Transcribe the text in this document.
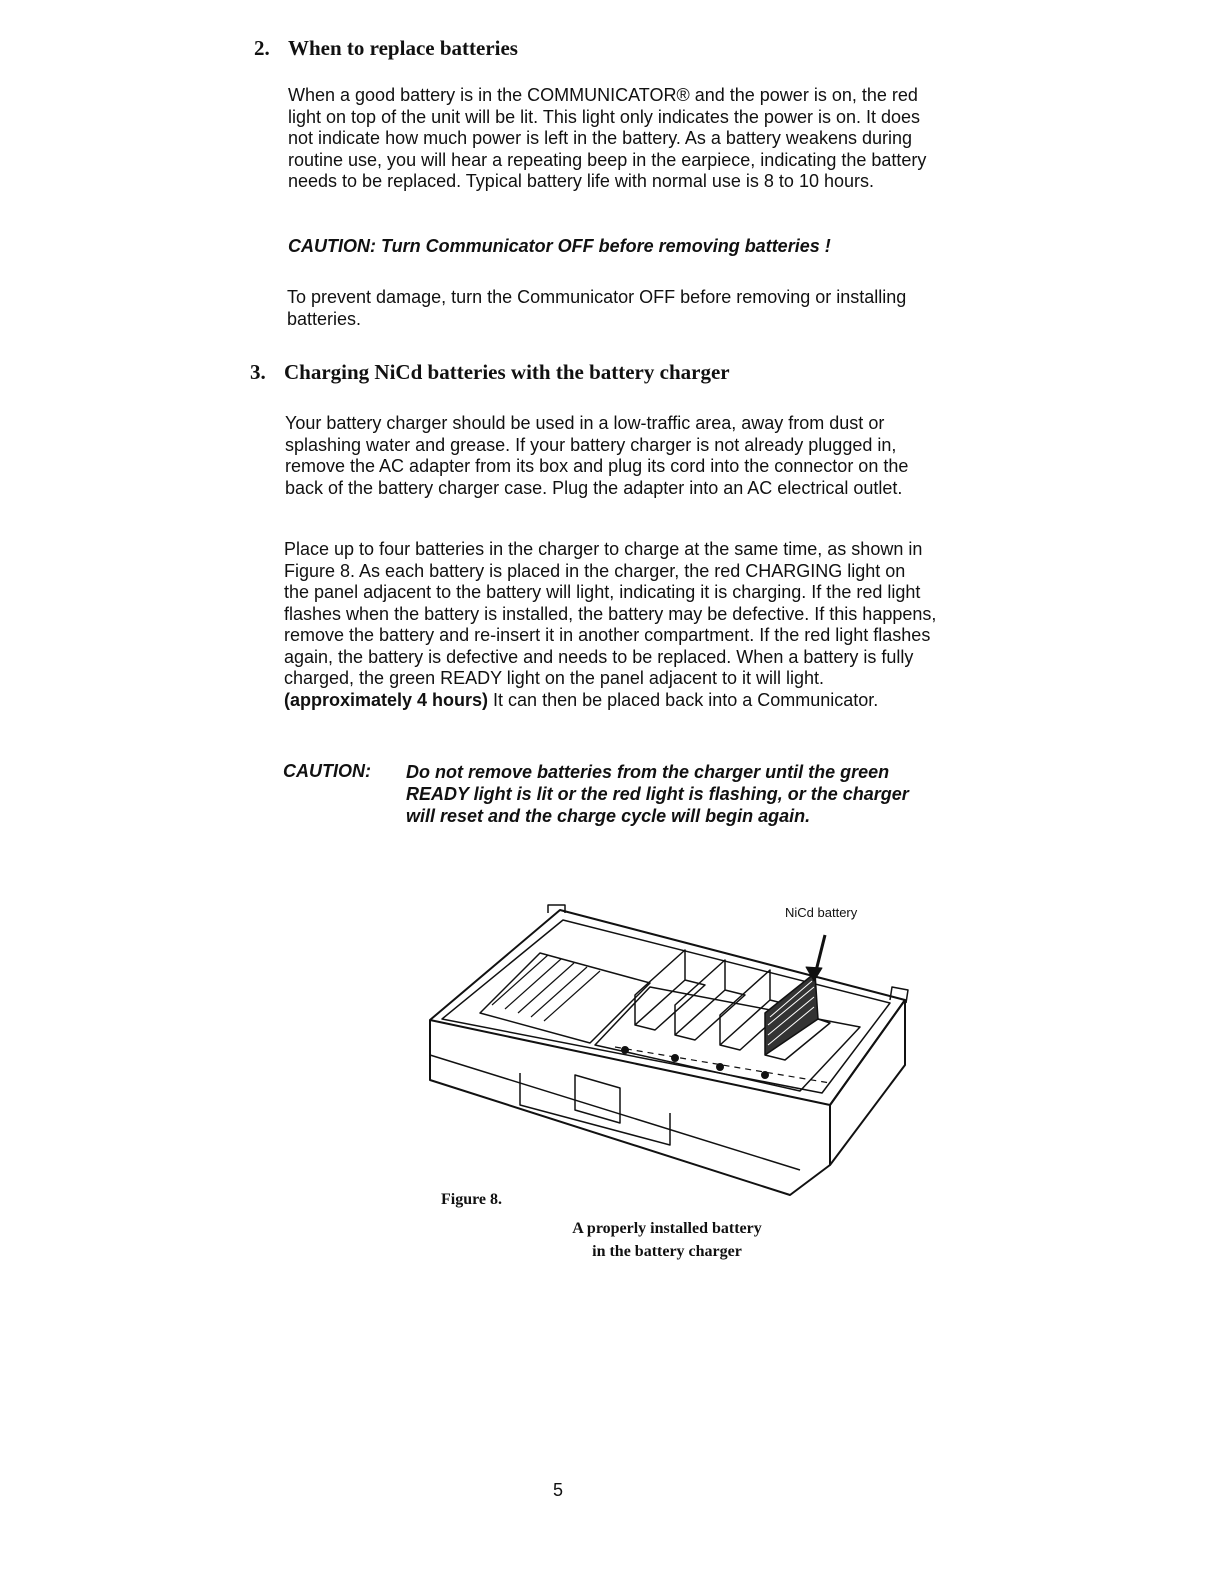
2. When to replace batteries
When a good battery is in the COMMUNICATOR® and the power is on, the red
light on top of the unit will be lit. This light only indicates the power is on. It does
not indicate how much power is left in the battery. As a battery weakens during
routine use, you will hear a repeating beep in the earpiece, indicating the battery
needs to be replaced. Typical battery life with normal use is 8 to 10 hours.
CAUTION: Turn Communicator OFF before removing batteries !
To prevent damage, turn the Communicator OFF before removing or installing
batteries.
3. Charging NiCd batteries with the battery charger
Your battery charger should be used in a low-traffic area, away from dust or
splashing water and grease. If your battery charger is not already plugged in,
remove the AC adapter from its box and plug its cord into the connector on the
back of the battery charger case. Plug the adapter into an AC electrical outlet.
Place up to four batteries in the charger to charge at the same time, as shown in
Figure 8. As each battery is placed in the charger, the red CHARGING light on
the panel adjacent to the battery will light, indicating it is charging. If the red light
flashes when the battery is installed, the battery may be defective. If this happens,
remove the battery and re-insert it in another compartment. If the red light flashes
again, the battery is defective and needs to be replaced. When a battery is fully
charged, the green READY light on the panel adjacent to it will light.
(approximately 4 hours) It can then be placed back into a Communicator.
CAUTION: Do not remove batteries from the charger until the green
READY light is lit or the red light is flashing, or the charger
will reset and the charge cycle will begin again.
NiCd battery
Figure 8.
A properly installed battery
in the battery charger
5
